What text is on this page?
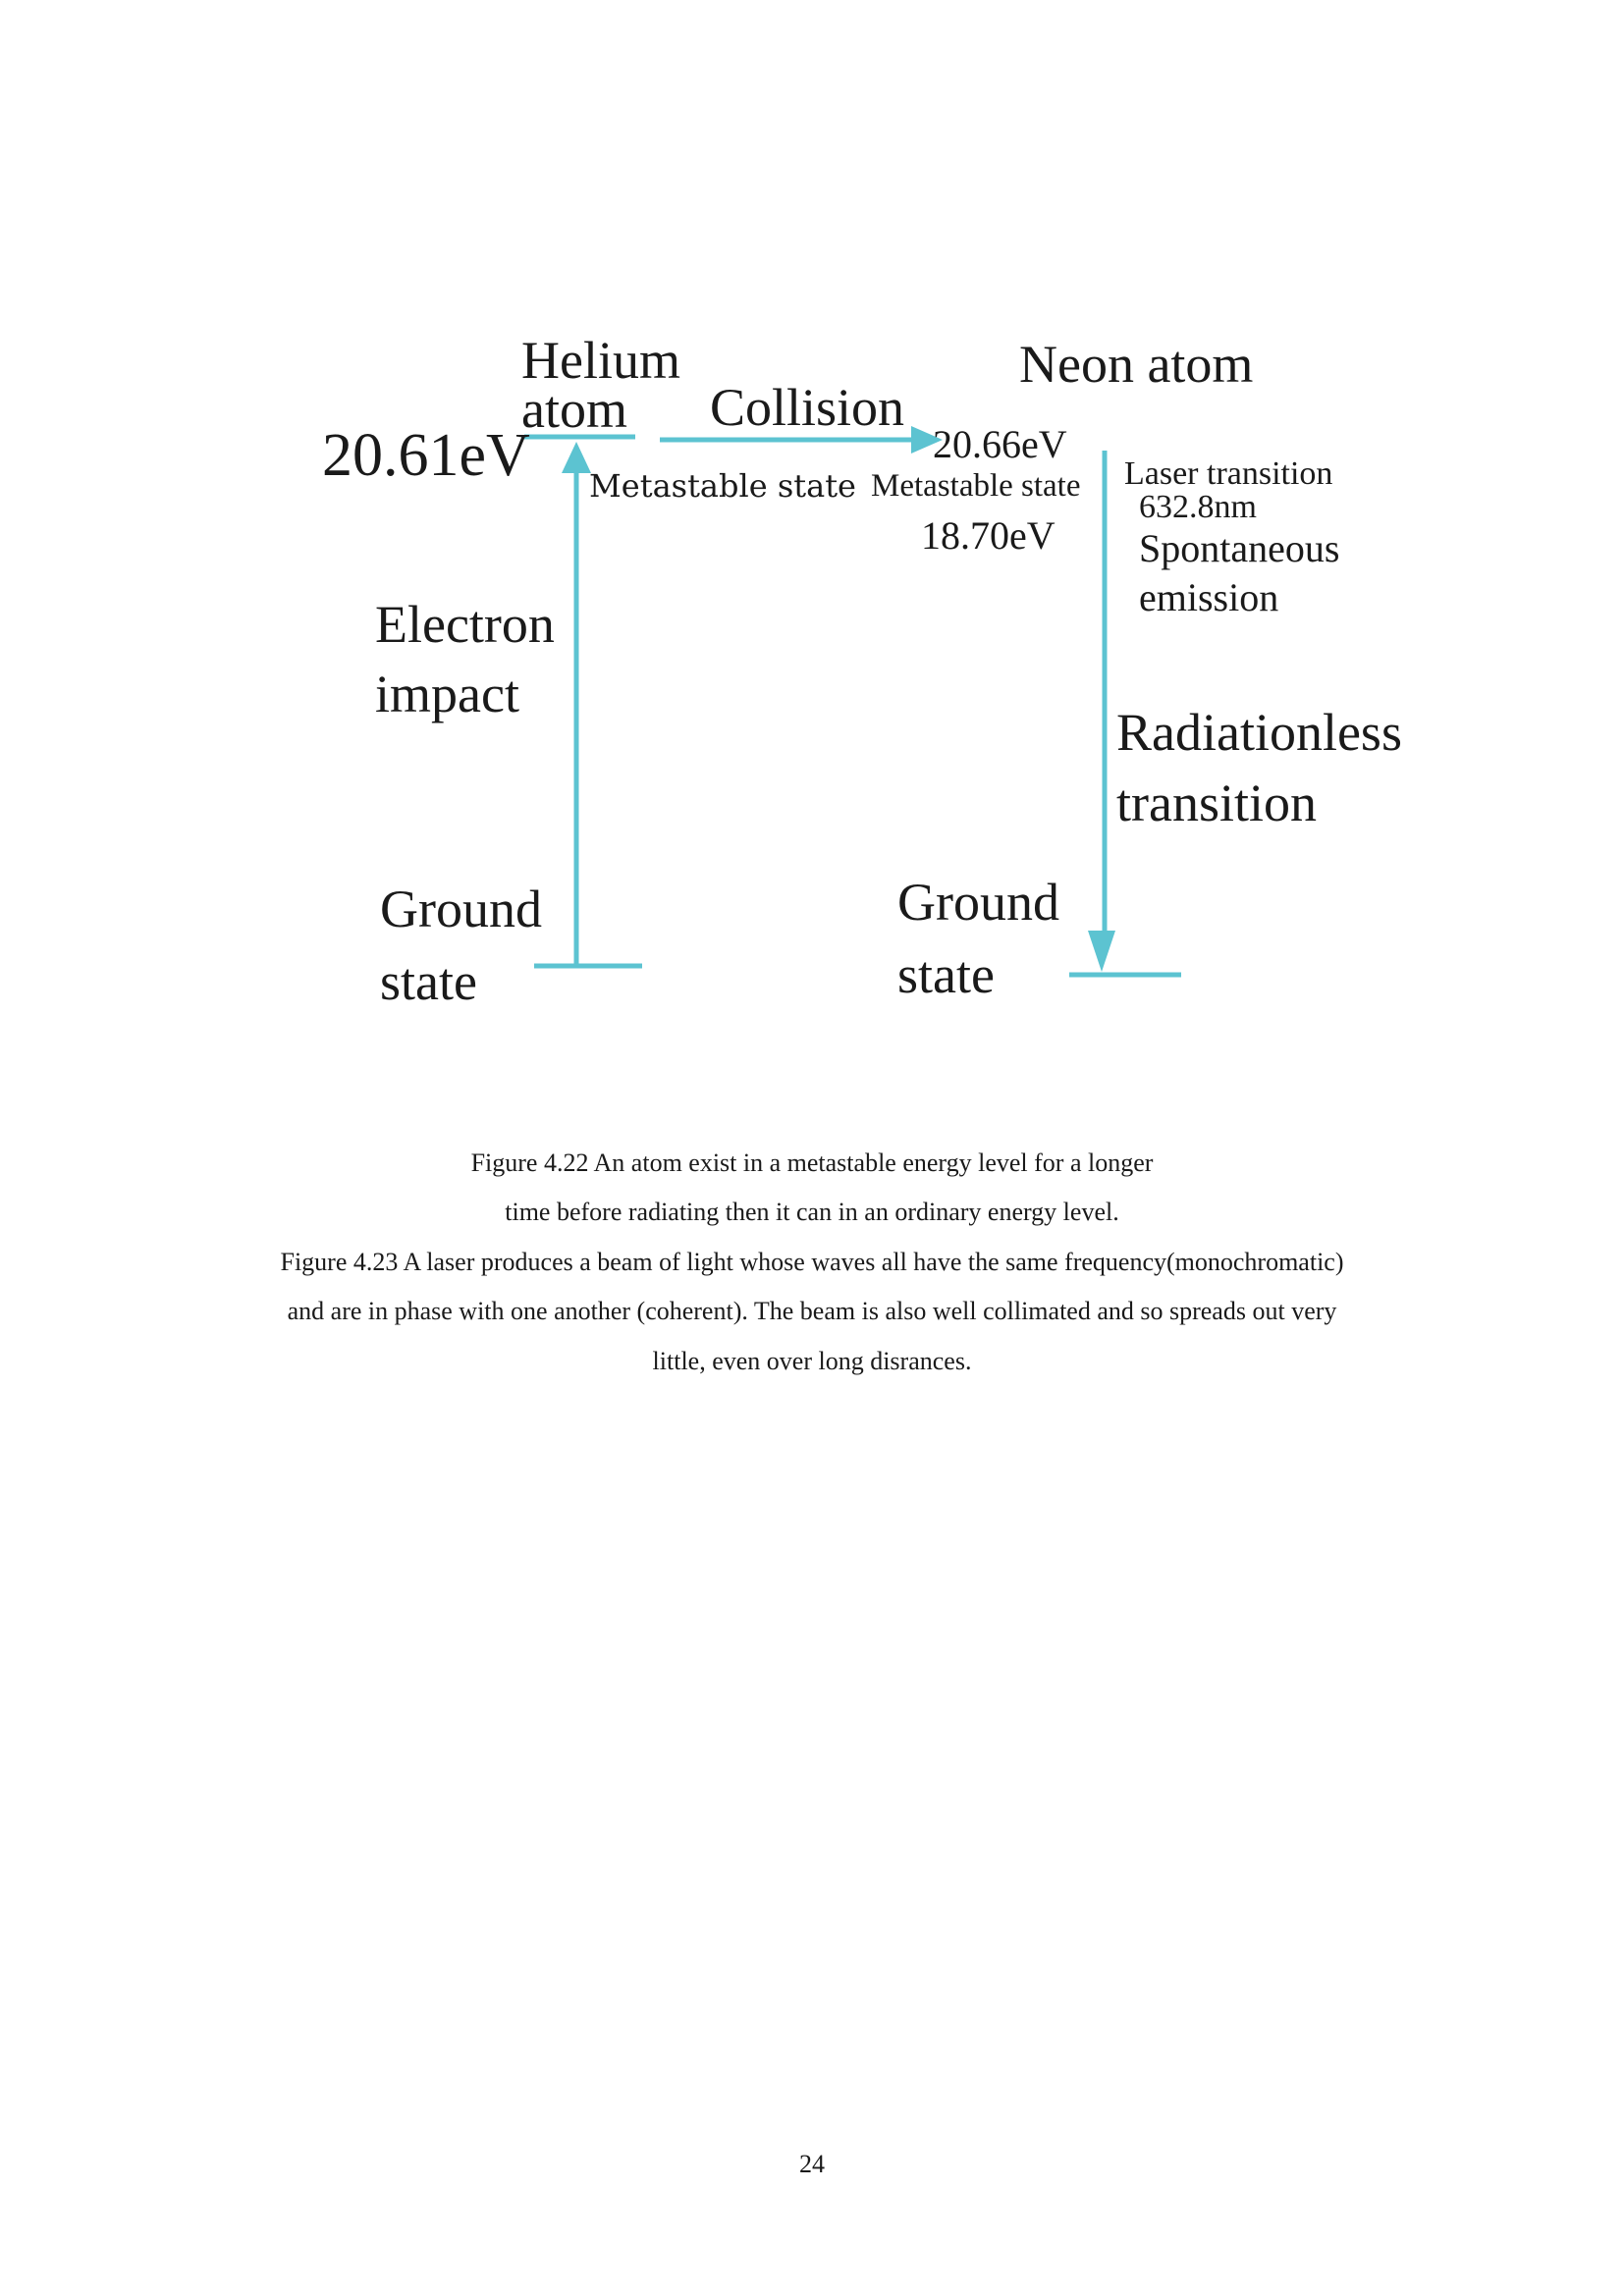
Helium
atom
20.61eV
Collision
Neon atom
20.66eV
Metastable state Metastable state
18.70eV
Laser transition
632.8nm
Spontaneous
emission
Electron
impact
Radiationless
transition
Ground
state
Ground
state
Figure 4.22 An atom exist in a metastable energy level for a longer
time before radiating then it can in an ordinary energy level.
Figure 4.23 A laser produces a beam of light whose waves all have the same frequency(monochromatic)
and are in phase with one another (coherent). The beam is also well collimated and so spreads out very
little, even over long disrances.
24
